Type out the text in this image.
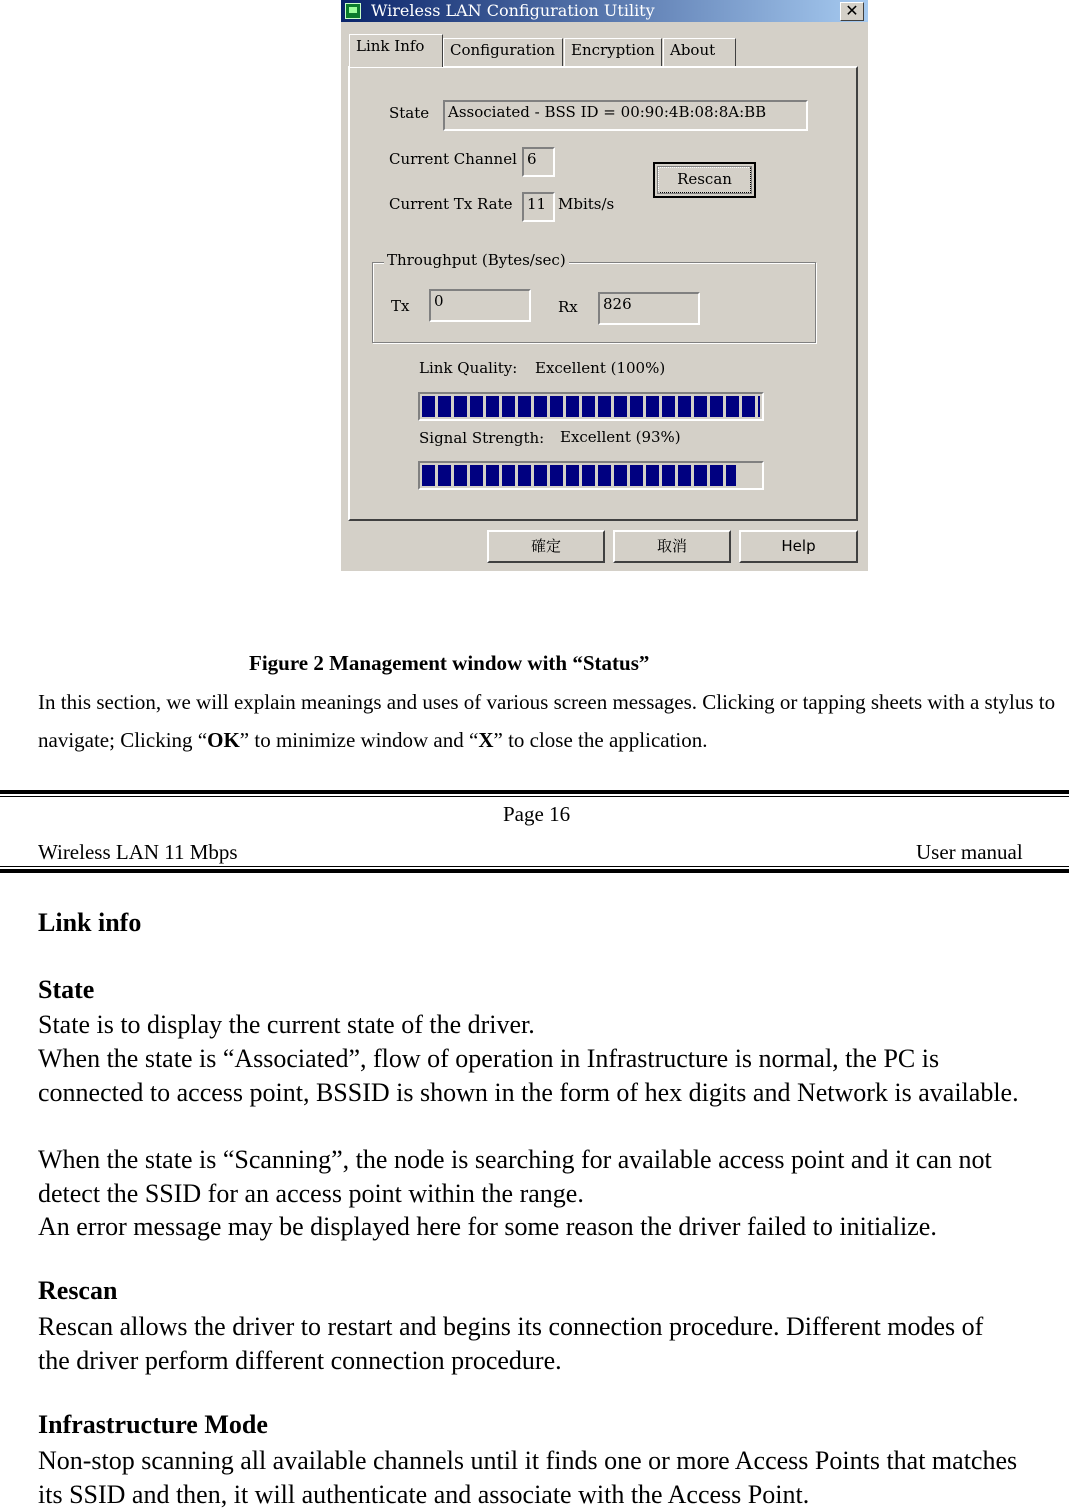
Wireless LAN Configuration Utility	✕
Link Info	Configuration	Encryption	About
State	Associated - BSS ID = 00:90:4B:08:8A:BB
Current Channel 6
Current Tx Rate 11 Mbits/s
Rescan
Throughput (Bytes/sec)
Tx	0	Rx	826
Link Quality: Excellent (100%)
Signal Strength: Excellent (93%)
確定	取消	Help
Figure 2 Management window with “Status”
In this section, we will explain meanings and uses of various screen messages. Clicking or tapping sheets with a stylus to navigate; Clicking “OK” to minimize window and “X” to close the application.
Page 16
Wireless LAN 11 Mbps	User manual
Link info
State
State is to display the current state of the driver.
When the state is “Associated”, flow of operation in Infrastructure is normal, the PC is connected to access point, BSSID is shown in the form of hex digits and Network is available.
When the state is “Scanning”, the node is searching for available access point and it can not detect the SSID for an access point within the range.
An error message may be displayed here for some reason the driver failed to initialize.
Rescan
Rescan allows the driver to restart and begins its connection procedure. Different modes of the driver perform different connection procedure.
Infrastructure Mode
Non-stop scanning all available channels until it finds one or more Access Points that matches its SSID and then, it will authenticate and associate with the Access Point.
